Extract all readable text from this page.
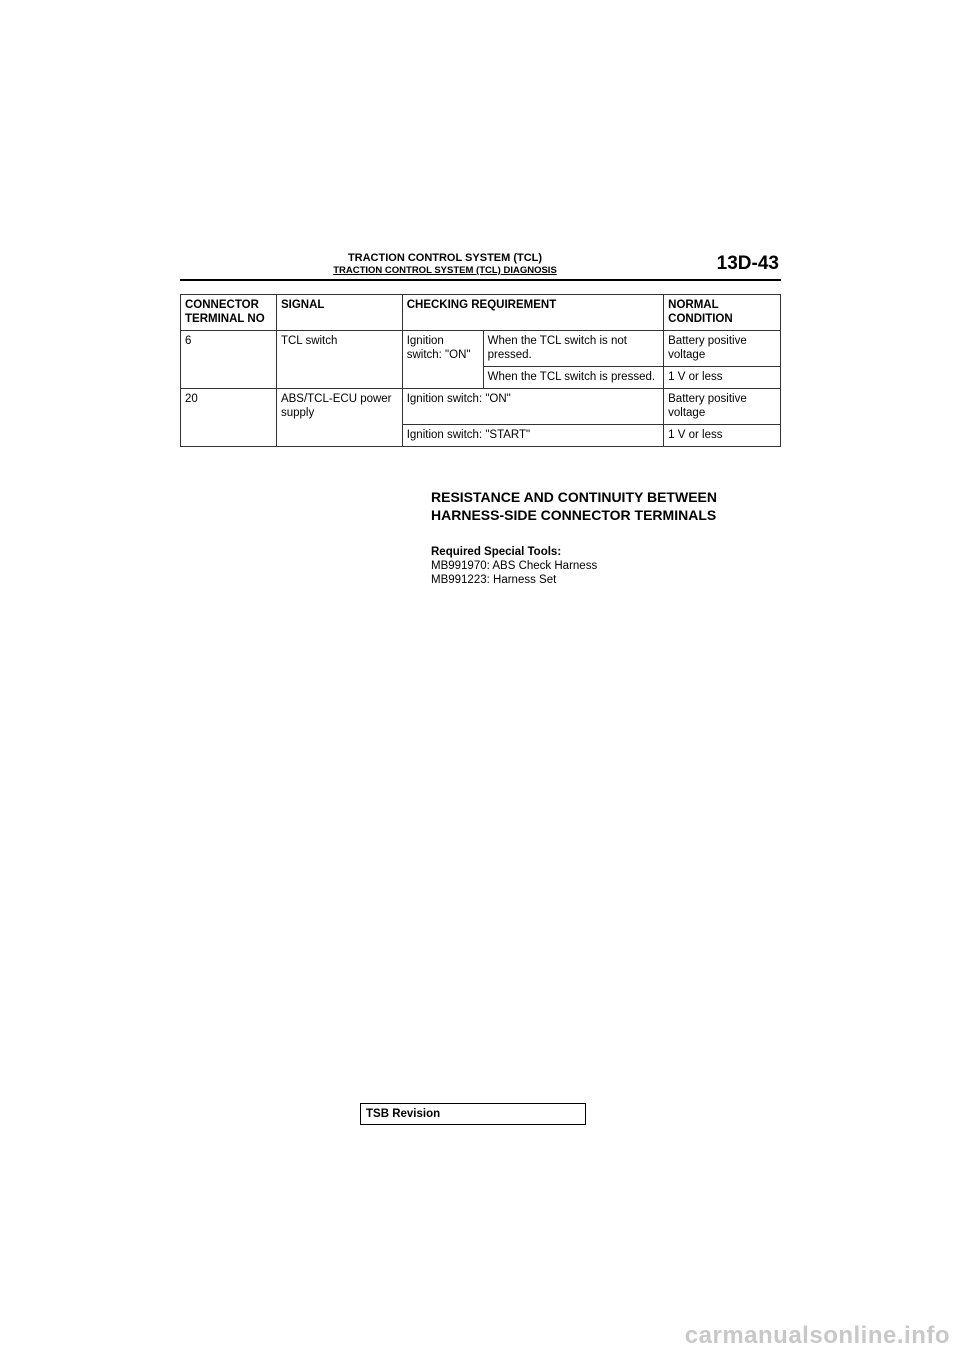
TRACTION CONTROL SYSTEM (TCL)
TRACTION CONTROL SYSTEM (TCL) DIAGNOSIS	13D-43
CONNECTOR TERMINAL NO	SIGNAL	CHECKING REQUIREMENT		NORMAL CONDITION
6	TCL switch	Ignition switch: "ON"	When the TCL switch is not pressed.	Battery positive voltage
			When the TCL switch is pressed.	1 V or less
20	ABS/TCL-ECU power supply	Ignition switch: "ON"		Battery positive voltage
		Ignition switch: "START"		1 V or less
RESISTANCE AND CONTINUITY BETWEEN HARNESS-SIDE CONNECTOR TERMINALS
Required Special Tools:
MB991970: ABS Check Harness
MB991223: Harness Set
TSB Revision
carmanualsonline.info
